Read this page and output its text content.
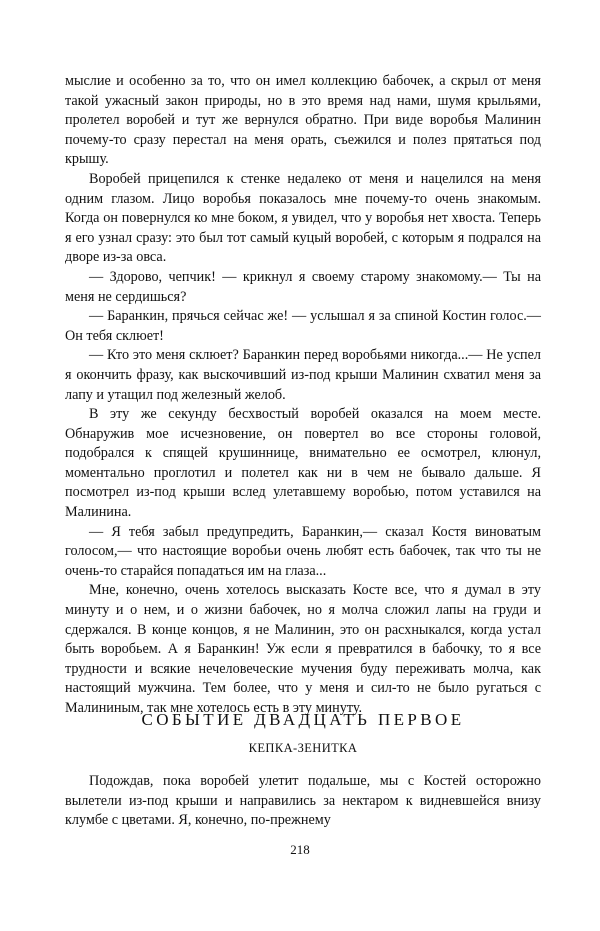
мыслие и особенно за то, что он имел коллекцию бабочек, а скрыл от меня такой ужасный закон природы, но в это время над нами, шумя крыльями, пролетел воробей и тут же вернулся обратно. При виде воробья Малинин почему-то сразу перестал на меня орать, съежился и полез прятаться под крышу.

Воробей прицепился к стенке недалеко от меня и нацелился на меня одним глазом. Лицо воробья показалось мне почему-то очень знакомым. Когда он повернулся ко мне боком, я увидел, что у воробья нет хвоста. Теперь я его узнал сразу: это был тот самый куцый воробей, с которым я подрался на дворе из-за овса.

— Здорово, чепчик! — крикнул я своему старому знакомому.— Ты на меня не сердишься?

— Баранкин, прячься сейчас же! — услышал я за спиной Костин голос.— Он тебя склюет!

— Кто это меня склюет? Баранкин перед воробьями никогда...— Не успел я окончить фразу, как выскочивший из-под крыши Малинин схватил меня за лапу и утащил под железный желоб.

В эту же секунду бесхвостый воробей оказался на моем месте. Обнаружив мое исчезновение, он повертел во все стороны головой, подобрался к спящей крушиннице, внимательно ее осмотрел, клюнул, моментально проглотил и полетел как ни в чем не бывало дальше. Я посмотрел из-под крыши вслед улетавшему воробью, потом уставился на Малинина.

— Я тебя забыл предупредить, Баранкин,— сказал Костя виноватым голосом,— что настоящие воробьи очень любят есть бабочек, так что ты не очень-то старайся попадаться им на глаза...

Мне, конечно, очень хотелось высказать Косте все, что я думал в эту минуту и о нем, и о жизни бабочек, но я молча сложил лапы на груди и сдержался. В конце концов, я не Малинин, это он расхныкался, когда устал быть воробьем. А я Баранкин! Уж если я превратился в бабочку, то я все трудности и всякие нечеловеческие мучения буду переживать молча, как настоящий мужчина. Тем более, что у меня и сил-то не было ругаться с Малининым, так мне хотелось есть в эту минуту.

СОБЫТИЕ ДВАДЦАТЬ ПЕРВОЕ
КЕПКА-ЗЕНИТКА

Подождав, пока воробей улетит подальше, мы с Костей осторожно вылетели из-под крыши и направились за нектаром к видневшейся внизу клумбе с цветами. Я, конечно, по-прежнему

218
